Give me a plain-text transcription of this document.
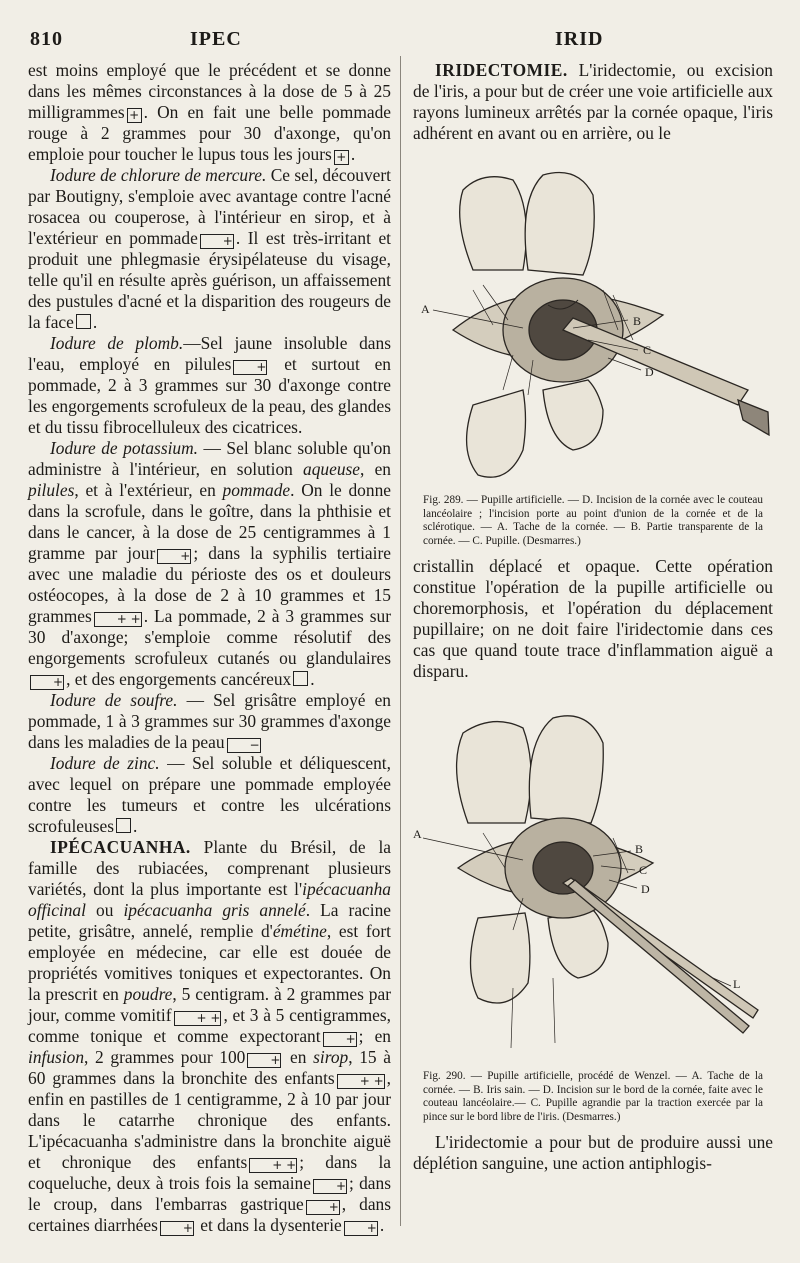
810	IPEC	IRID

est moins employé que le précédent et se donne dans les mêmes circonstances à la dose de 5 à 25 milligrammes + . On en fait une belle pommade rouge à 2 grammes pour 30 d'axonge, qu'on emploie pour toucher le lupus tous les jours + .

Iodure de chlorure de mercure. Ce sel, découvert par Boutigny, s'emploie avec avantage contre l'acné rosacea ou couperose, à l'intérieur en sirop, et à l'extérieur en pommade + . Il est très-irritant et produit une phlegmasie érysipélateuse du visage, telle qu'il en résulte après guérison, un affaissement des pustules d'acné et la disparition des rougeurs de la face .

Iodure de plomb.—Sel jaune insoluble dans l'eau, employé en pilules + et surtout en pommade, 2 à 3 grammes sur 30 d'axonge contre les engorgements scrofuleux de la peau, des glandes et du tissu fibrocelluleux des cicatrices.

Iodure de potassium. — Sel blanc soluble qu'on administre à l'intérieur, en solution aqueuse, en pilules, et à l'extérieur, en pommade. On le donne dans la scrofule, dans le goître, dans la phthisie et dans le cancer, à la dose de 25 centigrammes à 1 gramme par jour + ; dans la syphilis tertiaire avec une maladie du périoste des os et douleurs ostéocopes, à la dose de 2 à 10 grammes et 15 grammes + + . La pommade, 2 à 3 grammes sur 30 d'axonge; s'emploie comme résolutif des engorgements scrofuleux cutanés ou glandulaires+ , et des engorgements cancéreux .

Iodure de soufre. — Sel grisâtre employé en pommade, 1 à 3 grammes sur 30 grammes d'axonge dans les maladies de la peau −

Iodure de zinc. — Sel soluble et déliquescent, avec lequel on prépare une pommade employée contre les tumeurs et contre les ulcérations scrofuleuses .

IPÉCACUANHA. Plante du Brésil, de la famille des rubiacées, comprenant plusieurs variétés, dont la plus importante est l'ipécacuanha officinal ou ipécacuanha gris annelé. La racine petite, grisâtre, annelé, remplie d'émétine, est fort employée en médecine, car elle est douée de propriétés vomitives toniques et expectorantes. On la prescrit en poudre, 5 centigram. à 2 grammes par jour, comme vomitif + + , et 3 à 5 centigrammes, comme tonique et comme expectorant + ; en infusion, 2 grammes pour 100 + en sirop, 15 à 60 grammes dans la bronchite des enfants + + , enfin en pastilles de 1 centigramme, 2 à 10 par jour dans le catarrhe chronique des enfants. L'ipécacuanha s'administre dans la bronchite aiguë et chronique des enfants + + ; dans la coqueluche, deux à trois fois la semaine + ; dans le croup, dans l'embarras gastrique + , dans certaines diarrhées + et dans la dysenterie + .

IRIDECTOMIE. L'iridectomie, ou excision de l'iris, a pour but de créer une voie artificielle aux rayons lumineux arrêtés par la cornée opaque, l'iris adhérent en avant ou en arrière, ou le

A
B
C
D
Fig. 289. — Pupille artificielle. — D. Incision de la cornée avec le couteau lancéolaire ; l'incision porte au point d'union de la cornée et de la sclérotique. — A. Tache de la cornée. — B. Partie transparente de la cornée. — C. Pupille. (Desmarres.)

cristallin déplacé et opaque. Cette opération constitue l'opération de la pupille artificielle ou choremorphosis, et l'opération du déplacement pupillaire; on ne doit faire l'iridectomie dans ces cas que quand toute trace d'inflammation aiguë a disparu.

A
B
C
D
L
Fig. 290. — Pupille artificielle, procédé de Wenzel. — A. Tache de la cornée. — B. Iris sain. — D. Incision sur le bord de la cornée, faite avec le couteau lancéolaire.— C. Pupille agrandie par la traction exercée par la pince sur le bord libre de l'iris. (Desmarres.)

L'iridectomie a pour but de produire aussi une déplétion sanguine, une action antiphlogis-
